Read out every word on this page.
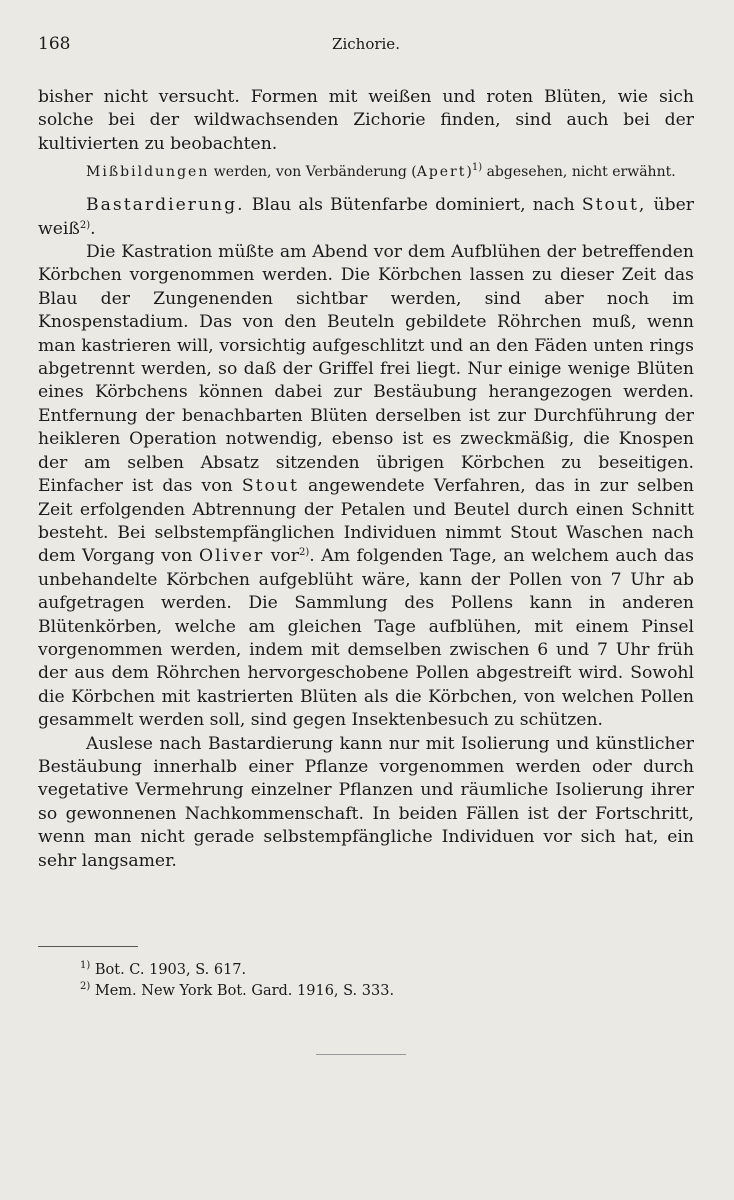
168	Zichorie.

bisher nicht versucht. Formen mit weißen und roten Blüten, wie sich solche bei der wildwachsenden Zichorie finden, sind auch bei der kultivierten zu beobachten.

Mißbildungen werden, von Verbänderung (Apert)$^{1)}$ abgesehen, nicht erwähnt.

Bastardierung. Blau als Bütenfarbe dominiert, nach Stout, über weiß$^{2)}$.

Die Kastration müßte am Abend vor dem Aufblühen der betreffenden Körbchen vorgenommen werden. Die Körbchen lassen zu dieser Zeit das Blau der Zungenenden sichtbar werden, sind aber noch im Knospenstadium. Das von den Beuteln gebildete Röhrchen muß, wenn man kastrieren will, vorsichtig aufgeschlitzt und an den Fäden unten rings abgetrennt werden, so daß der Griffel frei liegt. Nur einige wenige Blüten eines Körbchens können dabei zur Bestäubung herangezogen werden. Entfernung der benachbarten Blüten derselben ist zur Durchführung der heikleren Operation notwendig, ebenso ist es zweckmäßig, die Knospen der am selben Absatz sitzenden übrigen Körbchen zu beseitigen. Einfacher ist das von Stout angewendete Verfahren, das in zur selben Zeit erfolgenden Abtrennung der Petalen und Beutel durch einen Schnitt besteht. Bei selbstempfänglichen Individuen nimmt Stout Waschen nach dem Vorgang von Oliver vor$^{2)}$. Am folgenden Tage, an welchem auch das unbehandelte Körbchen aufgeblüht wäre, kann der Pollen von 7 Uhr ab aufgetragen werden. Die Sammlung des Pollens kann in anderen Blütenkörben, welche am gleichen Tage aufblühen, mit einem Pinsel vorgenommen werden, indem mit demselben zwischen 6 und 7 Uhr früh der aus dem Röhrchen hervorgeschobene Pollen abgestreift wird. Sowohl die Körbchen mit kastrierten Blüten als die Körbchen, von welchen Pollen gesammelt werden soll, sind gegen Insektenbesuch zu schützen.

Auslese nach Bastardierung kann nur mit Isolierung und künstlicher Bestäubung innerhalb einer Pflanze vorgenommen werden oder durch vegetative Vermehrung einzelner Pflanzen und räumliche Isolierung ihrer so gewonnenen Nachkommenschaft. In beiden Fällen ist der Fortschritt, wenn man nicht gerade selbstempfängliche Individuen vor sich hat, ein sehr langsamer.

$^{1)}$ Bot. C. 1903, S. 617.
$^{2)}$ Mem. New York Bot. Gard. 1916, S. 333.
